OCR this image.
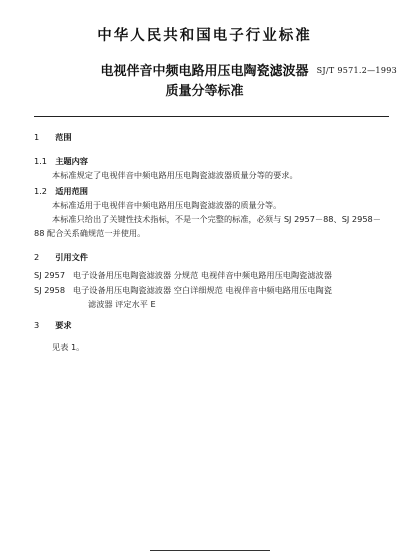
中华人民共和国电子行业标准
SJ/T 9571.2—1993
电视伴音中频电路用压电陶瓷滤波器
质量分等标准
1 范围
1.1 主题内容
本标准规定了电视伴音中频电路用压电陶瓷滤波器质量分等的要求。
1.2 适用范围
本标准适用于电视伴音中频电路用压电陶瓷滤波器的质量分等。
本标准只给出了关键性技术指标，不是一个完整的标准，必须与 SJ 2957－88、SJ 2958－
88 配合关系确规范一并使用。
2 引用文件
SJ 2957 电子设备用压电陶瓷滤波器 分规范 电视伴音中频电路用压电陶瓷滤波器
SJ 2958 电子设备用压电陶瓷滤波器 空白详细规范 电视伴音中频电路用压电陶瓷
滤波器 评定水平 E
3 要求
见表 1。
